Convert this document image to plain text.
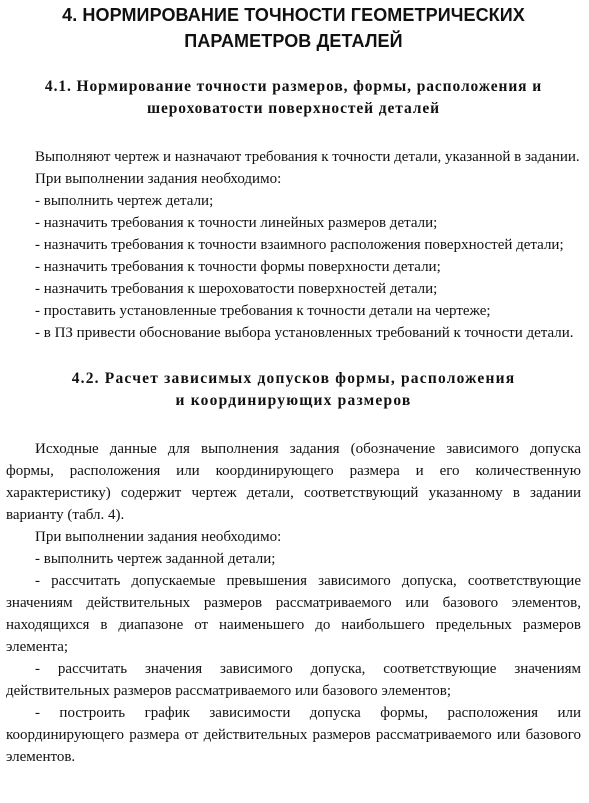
4. НОРМИРОВАНИЕ ТОЧНОСТИ ГЕОМЕТРИЧЕСКИХ
ПАРАМЕТРОВ ДЕТАЛЕЙ
4.1. Нормирование точности размеров, формы, расположения и
шероховатости поверхностей деталей

Выполняют чертеж и назначают требования к точности детали, указанной в задании.

При выполнении задания необходимо:

- выполнить чертеж детали;

- назначить требования к точности линейных размеров детали;

- назначить требования к точности взаимного расположения поверхностей детали;

- назначить требования к точности формы поверхности детали;

- назначить требования к шероховатости поверхностей детали;

- проставить установленные требования к точности детали на чертеже;

- в ПЗ привести обоснование выбора установленных требований к точности детали.

4.2. Расчет зависимых допусков формы, расположения
и координирующих размеров

Исходные данные для выполнения задания (обозначение зависимого допуска формы, расположения или координирующего размера и его количественную характеристику) содержит чертеж детали, соответствующий указанному в задании варианту (табл. 4).

При выполнении задания необходимо:

- выполнить чертеж заданной детали;

- рассчитать допускаемые превышения зависимого допуска, соответствующие значениям действительных размеров рассматриваемого или базового элементов, находящихся в диапазоне от наименьшего до наибольшего предельных размеров элемента;

- рассчитать значения зависимого допуска, соответствующие значениям действительных размеров рассматриваемого или базового элементов;

- построить график зависимости допуска формы, расположения или координирующего размера от действительных размеров рассматриваемого или базового элементов.
